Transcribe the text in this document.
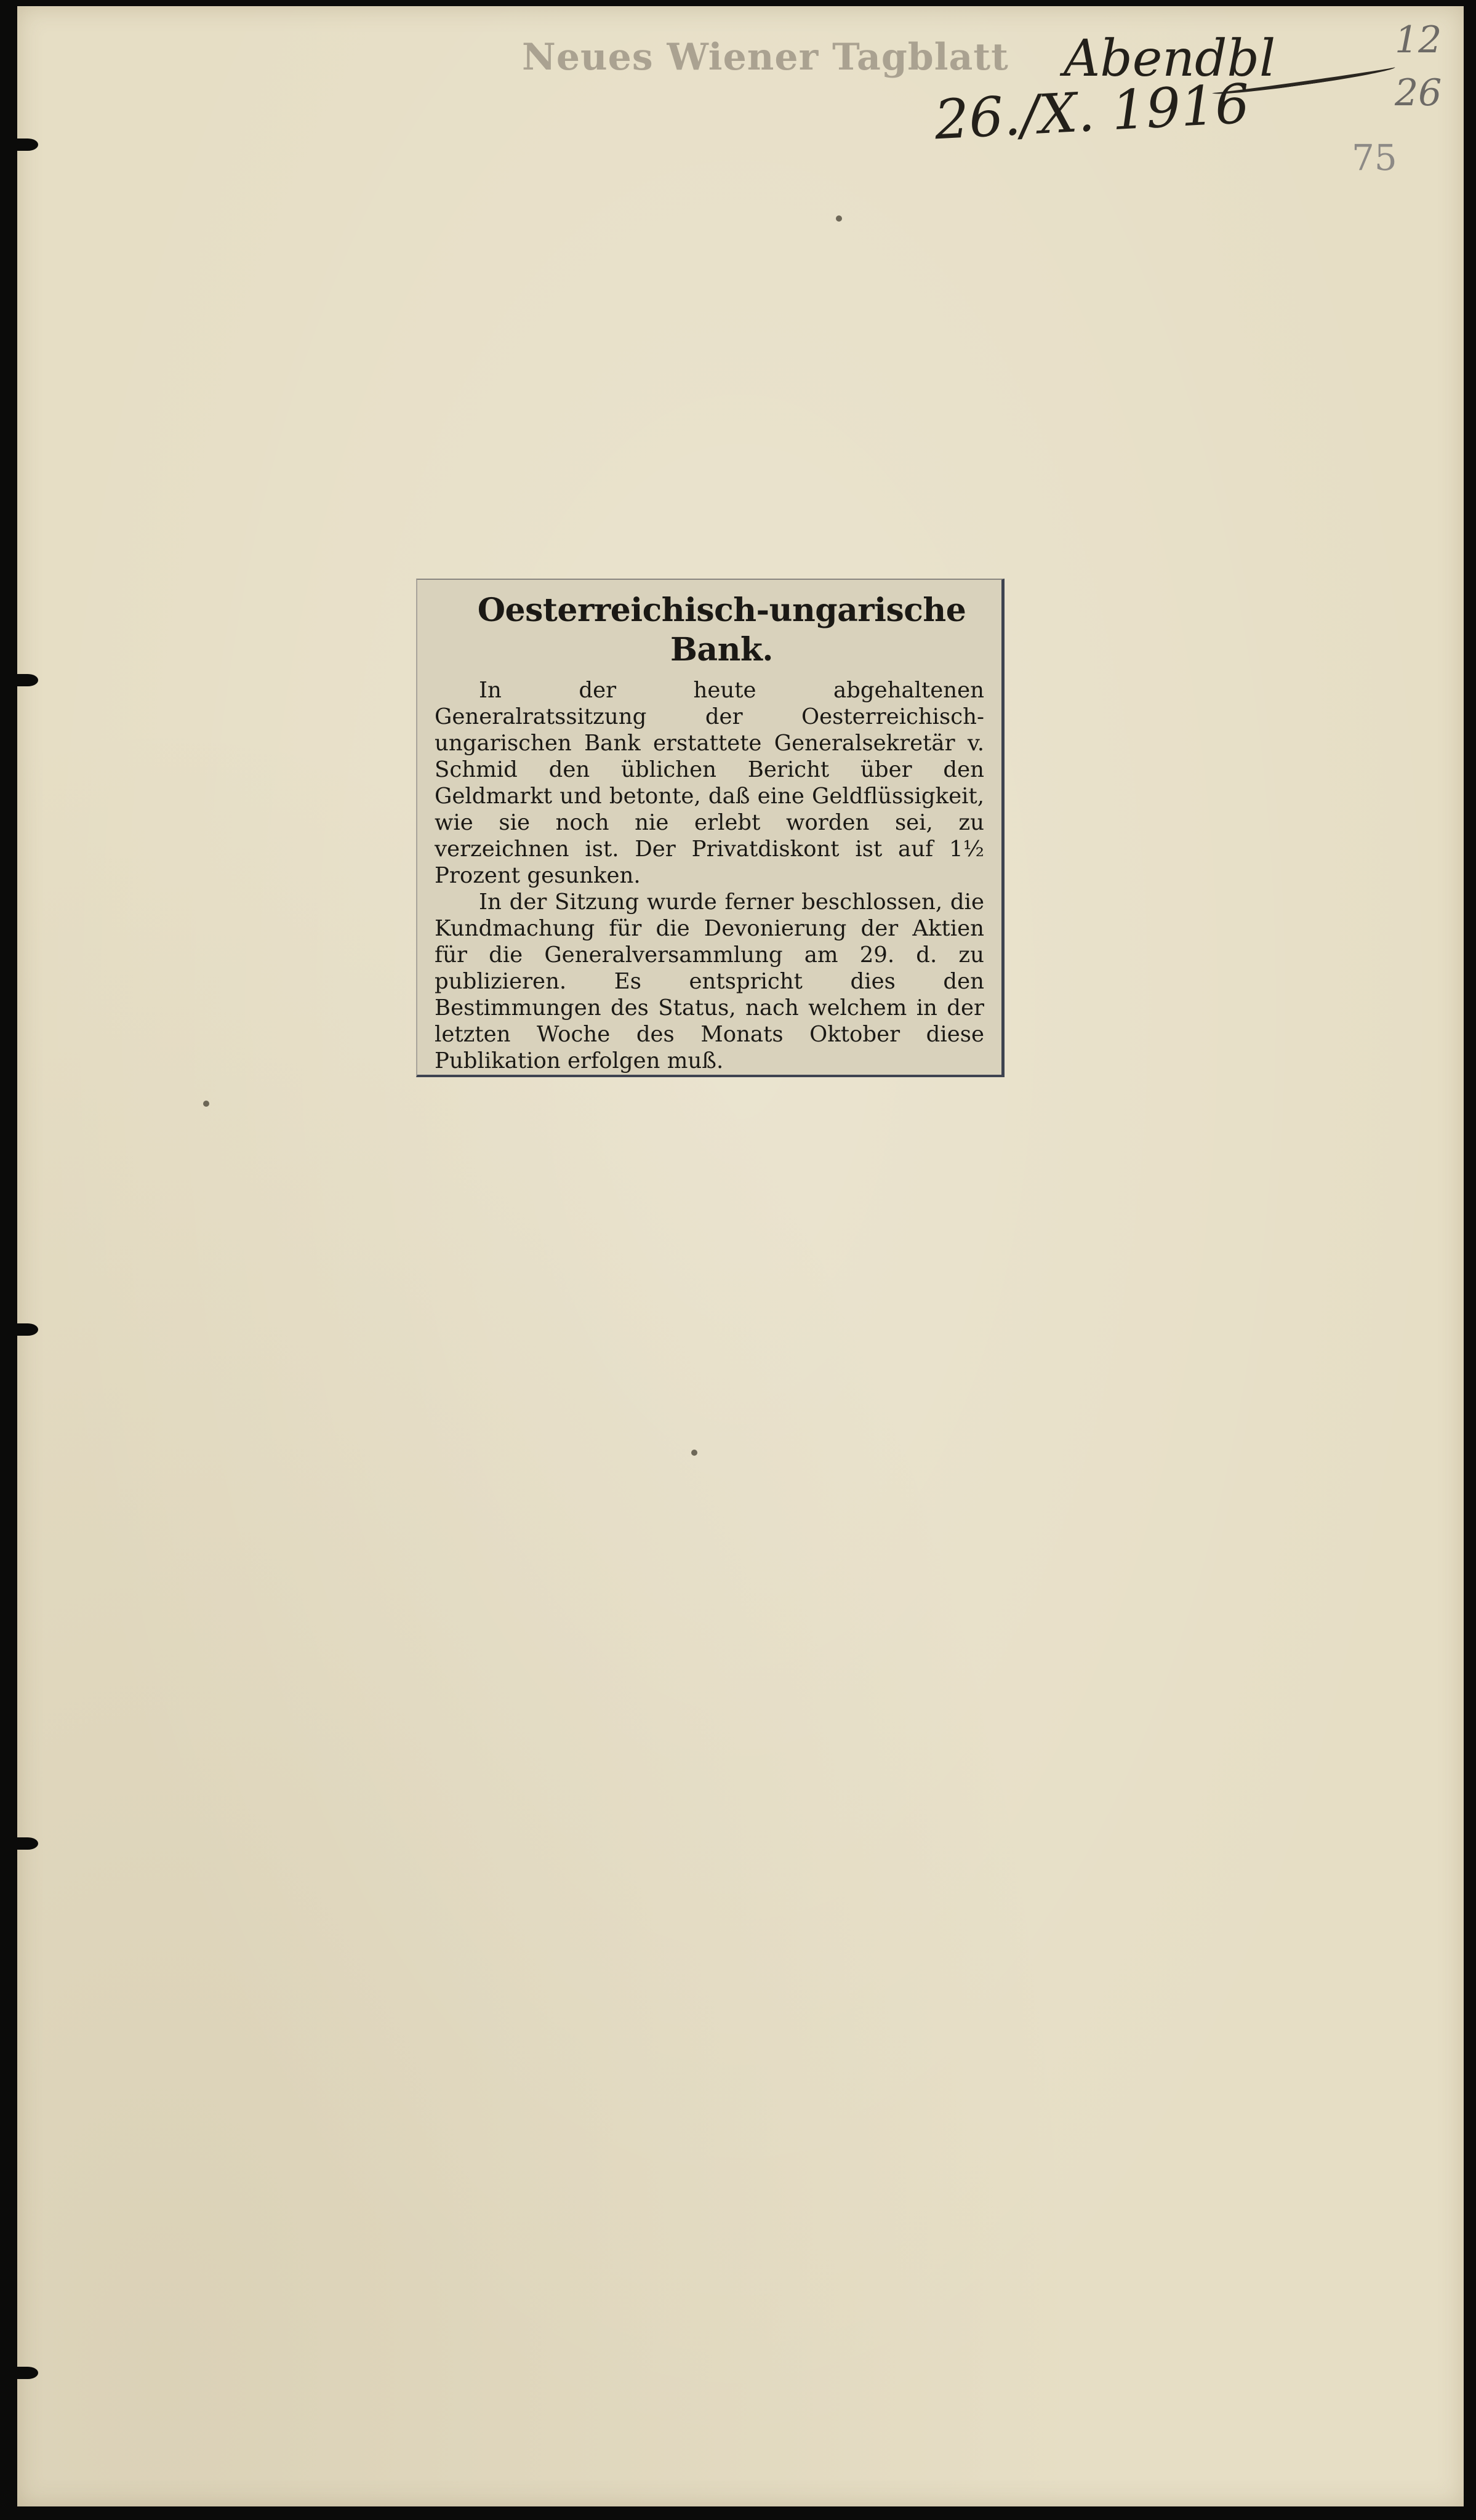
Neues Wiener Tagblatt Abendbl
26./X. 1916
12
26
75
Oesterreichisch-ungarische Bank.

In der heute abgehaltenen Generalratssitzung der Oesterreichisch-ungarischen Bank erstattete Generalsekretär v. Schmid den üblichen Bericht über den Geldmarkt und betonte, daß eine Geldflüssigkeit, wie sie noch nie erlebt worden sei, zu verzeichnen ist. Der Privatdiskont ist auf 1½ Prozent gesunken.

In der Sitzung wurde ferner beschlossen, die Kundmachung für die Devonierung der Aktien für die Generalversammlung am 29. d. zu publizieren. Es entspricht dies den Bestimmungen des Status, nach welchem in der letzten Woche des Monats Oktober diese Publikation erfolgen muß.
